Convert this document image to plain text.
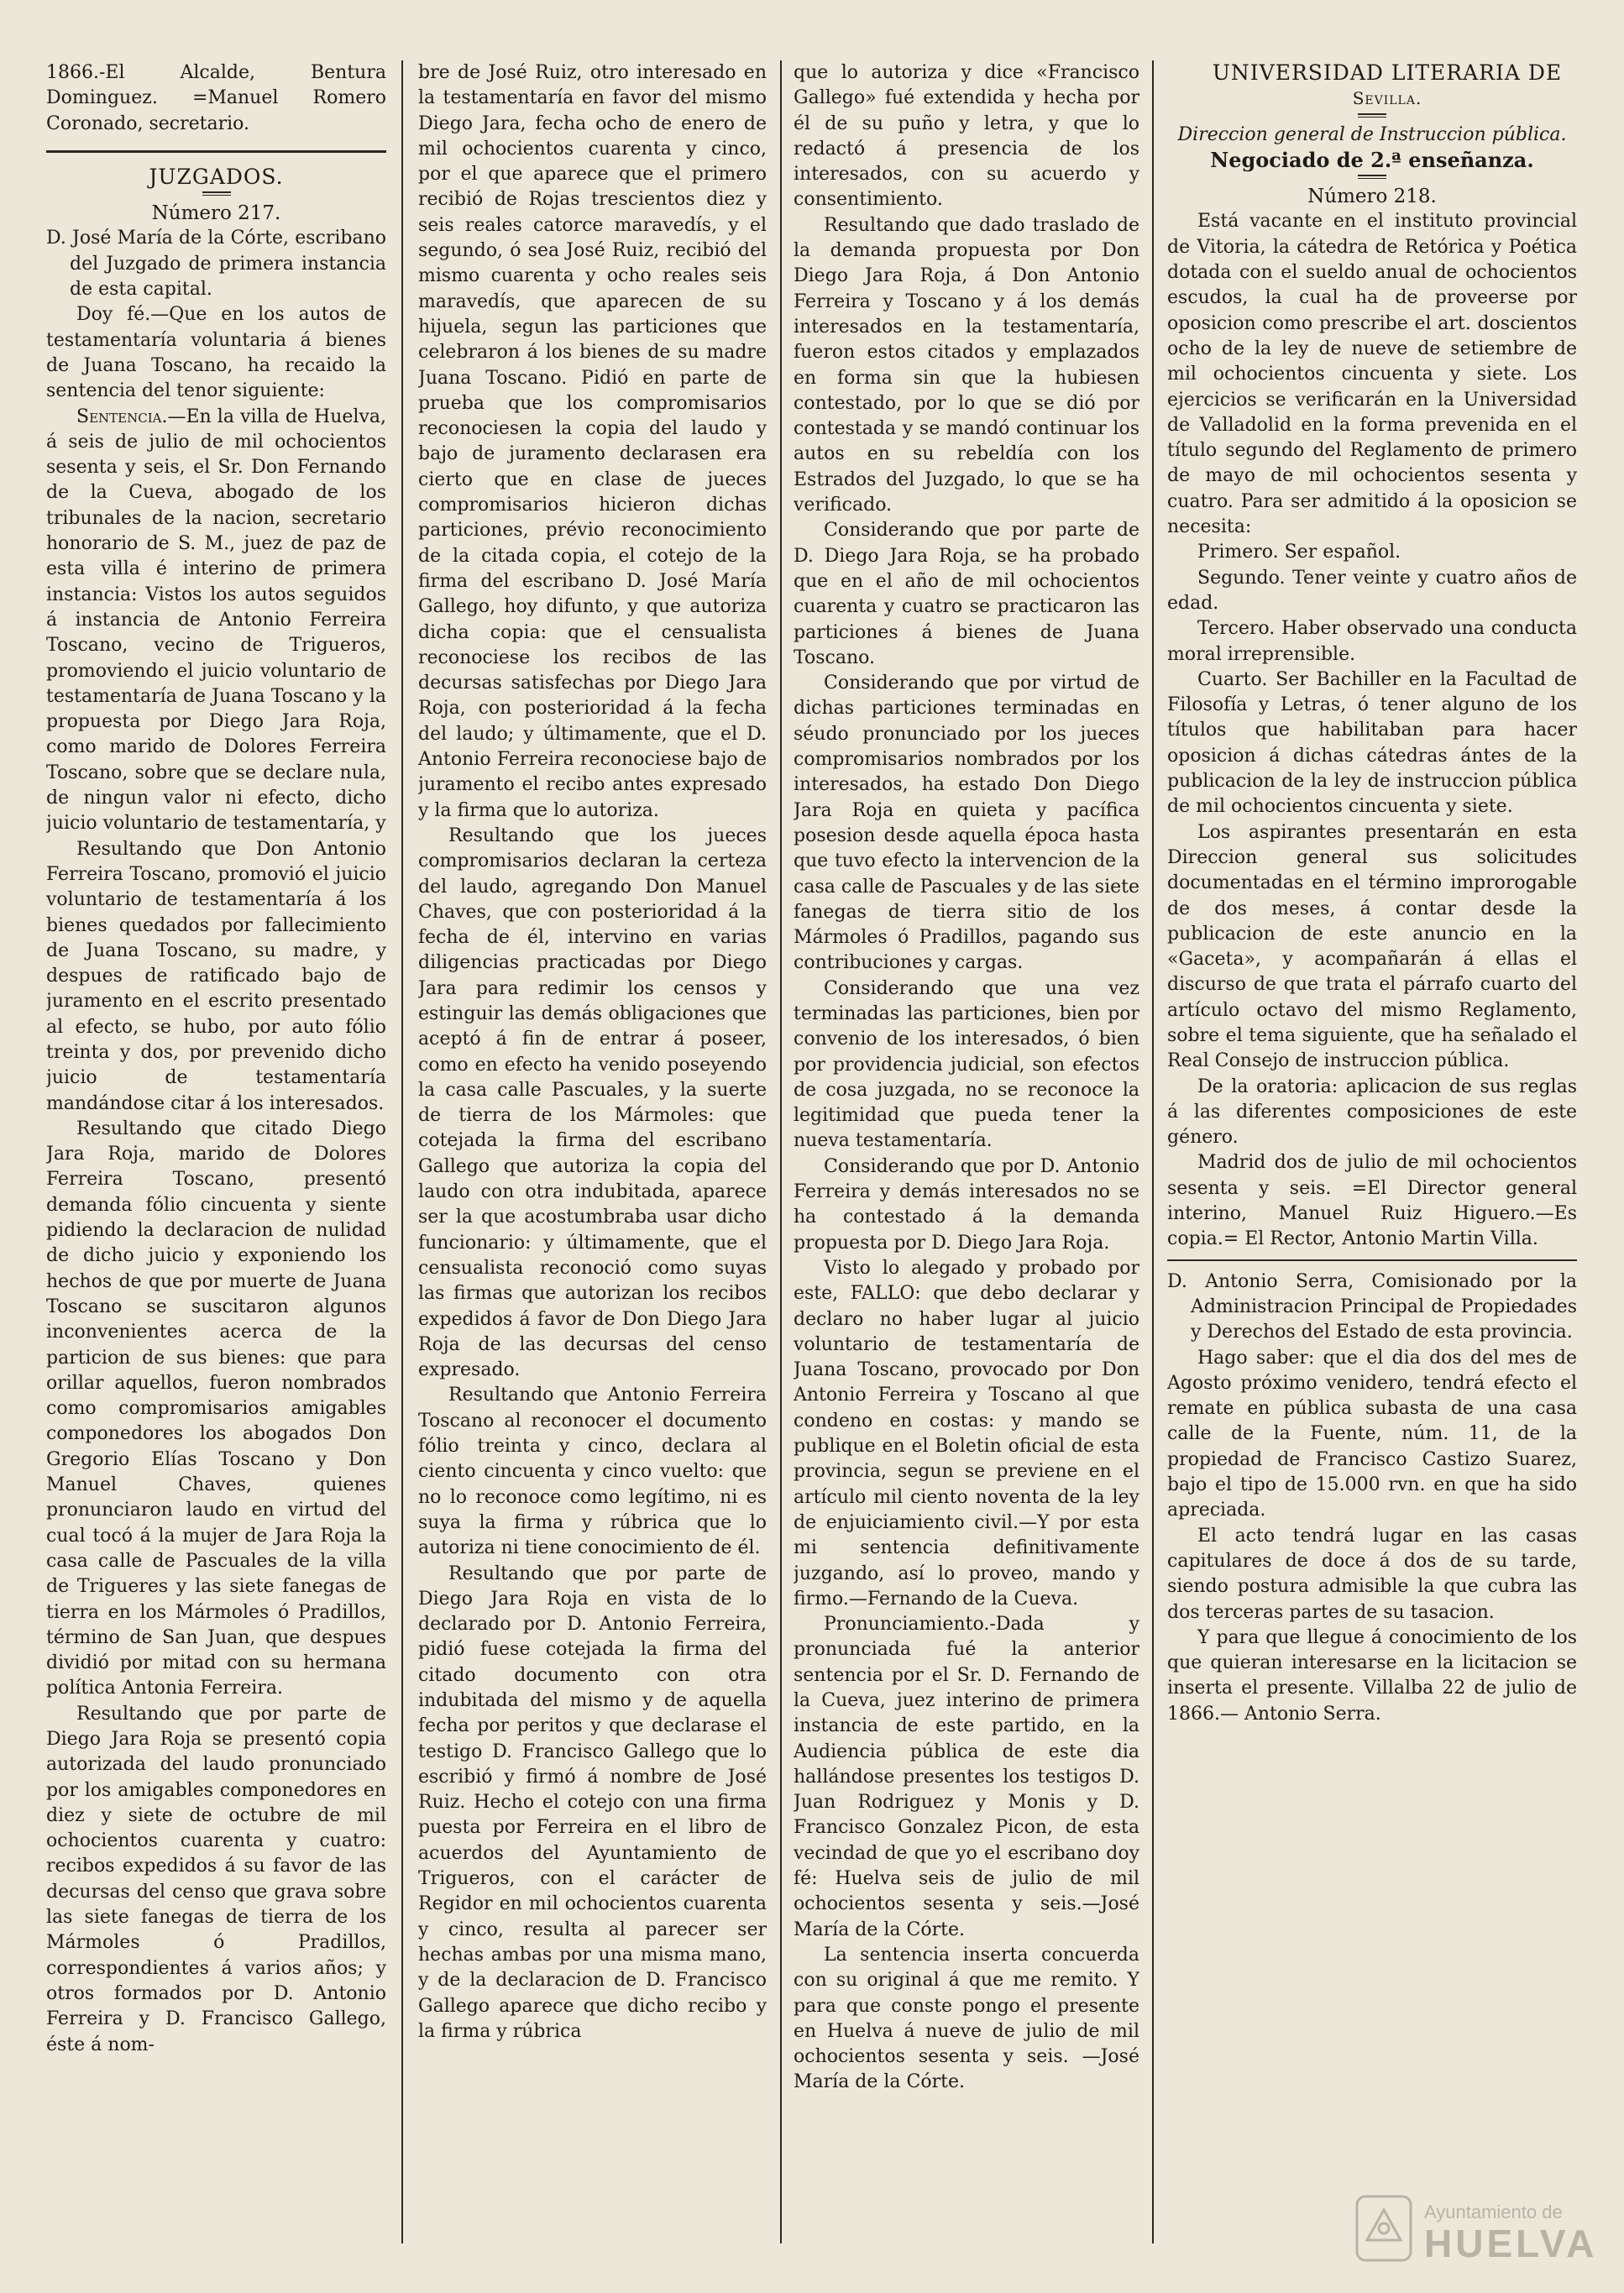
1866.-El Alcalde, Bentura Dominguez. =Manuel Romero Coronado, secretario.

JUZGADOS.

Número 217.

D. José María de la Córte, escribano del Juzgado de primera instancia de esta capital.

Doy fé.—Que en los autos de testamentaría voluntaria á bienes de Juana Toscano, ha recaido la sentencia del tenor siguiente:

Sentencia.—En la villa de Huelva, á seis de julio de mil ochocientos sesenta y seis, el Sr. Don Fernando de la Cueva, abogado de los tribunales de la nacion, secretario honorario de S. M., juez de paz de esta villa é interino de primera instancia: Vistos los autos seguidos á instancia de Antonio Ferreira Toscano, vecino de Trigueros, promoviendo el juicio voluntario de testamentaría de Juana Toscano y la propuesta por Diego Jara Roja, como marido de Dolores Ferreira Toscano, sobre que se declare nula, de ningun valor ni efecto, dicho juicio voluntario de testamentaría, y

Resultando que Don Antonio Ferreira Toscano, promovió el juicio voluntario de testamentaría á los bienes quedados por fallecimiento de Juana Toscano, su madre, y despues de ratificado bajo de juramento en el escrito presentado al efecto, se hubo, por auto fólio treinta y dos, por prevenido dicho juicio de testamentaría mandándose citar á los interesados.

Resultando que citado Diego Jara Roja, marido de Dolores Ferreira Toscano, presentó demanda fólio cincuenta y siente pidiendo la declaracion de nulidad de dicho juicio y exponiendo los hechos de que por muerte de Juana Toscano se suscitaron algunos inconvenientes acerca de la particion de sus bienes: que para orillar aquellos, fueron nombrados como compromisarios amigables componedores los abogados Don Gregorio Elías Toscano y Don Manuel Chaves, quienes pronunciaron laudo en virtud del cual tocó á la mujer de Jara Roja la casa calle de Pascuales de la villa de Trigueres y las siete fanegas de tierra en los Mármoles ó Pradillos, término de San Juan, que despues dividió por mitad con su hermana política Antonia Ferreira.

Resultando que por parte de Diego Jara Roja se presentó copia autorizada del laudo pronunciado por los amigables componedores en diez y siete de octubre de mil ochocientos cuarenta y cuatro: recibos expedidos á su favor de las decursas del censo que grava sobre las siete fanegas de tierra de los Mármoles ó Pradillos, correspondientes á varios años; y otros formados por D. Antonio Ferreira y D. Francisco Gallego, éste á nom-

bre de José Ruiz, otro interesado en la testamentaría en favor del mismo Diego Jara, fecha ocho de enero de mil ochocientos cuarenta y cinco, por el que aparece que el primero recibió de Rojas trescientos diez y seis reales catorce maravedís, y el segundo, ó sea José Ruiz, recibió del mismo cuarenta y ocho reales seis maravedís, que aparecen de su hijuela, segun las particiones que celebraron á los bienes de su madre Juana Toscano. Pidió en parte de prueba que los compromisarios reconociesen la copia del laudo y bajo de juramento declarasen era cierto que en clase de jueces compromisarios hicieron dichas particiones, prévio reconocimiento de la citada copia, el cotejo de la firma del escribano D. José María Gallego, hoy difunto, y que autoriza dicha copia: que el censualista reconociese los recibos de las decursas satisfechas por Diego Jara Roja, con posterioridad á la fecha del laudo; y últimamente, que el D. Antonio Ferreira reconociese bajo de juramento el recibo antes expresado y la firma que lo autoriza.

Resultando que los jueces compromisarios declaran la certeza del laudo, agregando Don Manuel Chaves, que con posterioridad á la fecha de él, intervino en varias diligencias practicadas por Diego Jara para redimir los censos y estinguir las demás obligaciones que aceptó á fin de entrar á poseer, como en efecto ha venido poseyendo la casa calle Pascuales, y la suerte de tierra de los Mármoles: que cotejada la firma del escribano Gallego que autoriza la copia del laudo con otra indubitada, aparece ser la que acostumbraba usar dicho funcionario: y últimamente, que el censualista reconoció como suyas las firmas que autorizan los recibos expedidos á favor de Don Diego Jara Roja de las decursas del censo expresado.

Resultando que Antonio Ferreira Toscano al reconocer el documento fólio treinta y cinco, declara al ciento cincuenta y cinco vuelto: que no lo reconoce como legítimo, ni es suya la firma y rúbrica que lo autoriza ni tiene conocimiento de él.

Resultando que por parte de Diego Jara Roja en vista de lo declarado por D. Antonio Ferreira, pidió fuese cotejada la firma del citado documento con otra indubitada del mismo y de aquella fecha por peritos y que declarase el testigo D. Francisco Gallego que lo escribió y firmó á nombre de José Ruiz. Hecho el cotejo con una firma puesta por Ferreira en el libro de acuerdos del Ayuntamiento de Trigueros, con el carácter de Regidor en mil ochocientos cuarenta y cinco, resulta al parecer ser hechas ambas por una misma mano, y de la declaracion de D. Francisco Gallego aparece que dicho recibo y la firma y rúbrica

que lo autoriza y dice «Francisco Gallego» fué extendida y hecha por él de su puño y letra, y que lo redactó á presencia de los interesados, con su acuerdo y consentimiento.

Resultando que dado traslado de la demanda propuesta por Don Diego Jara Roja, á Don Antonio Ferreira y Toscano y á los demás interesados en la testamentaría, fueron estos citados y emplazados en forma sin que la hubiesen contestado, por lo que se dió por contestada y se mandó continuar los autos en su rebeldía con los Estrados del Juzgado, lo que se ha verificado.

Considerando que por parte de D. Diego Jara Roja, se ha probado que en el año de mil ochocientos cuarenta y cuatro se practicaron las particiones á bienes de Juana Toscano.

Considerando que por virtud de dichas particiones terminadas en séudo pronunciado por los jueces compromisarios nombrados por los interesados, ha estado Don Diego Jara Roja en quieta y pacífica posesion desde aquella época hasta que tuvo efecto la intervencion de la casa calle de Pascuales y de las siete fanegas de tierra sitio de los Mármoles ó Pradillos, pagando sus contribuciones y cargas.

Considerando que una vez terminadas las particiones, bien por convenio de los interesados, ó bien por providencia judicial, son efectos de cosa juzgada, no se reconoce la legitimidad que pueda tener la nueva testamentaría.

Considerando que por D. Antonio Ferreira y demás interesados no se ha contestado á la demanda propuesta por D. Diego Jara Roja.

Visto lo alegado y probado por este, FALLO: que debo declarar y declaro no haber lugar al juicio voluntario de testamentaría de Juana Toscano, provocado por Don Antonio Ferreira y Toscano al que condeno en costas: y mando se publique en el Boletin oficial de esta provincia, segun se previene en el artículo mil ciento noventa de la ley de enjuiciamiento civil.—Y por esta mi sentencia definitivamente juzgando, así lo proveo, mando y firmo.—Fernando de la Cueva.

Pronunciamiento.-Dada y pronunciada fué la anterior sentencia por el Sr. D. Fernando de la Cueva, juez interino de primera instancia de este partido, en la Audiencia pública de este dia hallándose presentes los testigos D. Juan Rodriguez y Monis y D. Francisco Gonzalez Picon, de esta vecindad de que yo el escribano doy fé: Huelva seis de julio de mil ochocientos sesenta y seis.—José María de la Córte.

La sentencia inserta concuerda con su original á que me remito. Y para que conste pongo el presente en Huelva á nueve de julio de mil ochocientos sesenta y seis. —José María de la Córte.

UNIVERSIDAD LITERARIA DE

Sevilla.

Direccion general de Instruccion pública.

Negociado de 2.ª enseñanza.

Número 218.

Está vacante en el instituto provincial de Vitoria, la cátedra de Retórica y Poética dotada con el sueldo anual de ochocientos escudos, la cual ha de proveerse por oposicion como prescribe el art. doscientos ocho de la ley de nueve de setiembre de mil ochocientos cincuenta y siete. Los ejercicios se verificarán en la Universidad de Valladolid en la forma prevenida en el título segundo del Reglamento de primero de mayo de mil ochocientos sesenta y cuatro. Para ser admitido á la oposicion se necesita:

Primero. Ser español.

Segundo. Tener veinte y cuatro años de edad.

Tercero. Haber observado una conducta moral irreprensible.

Cuarto. Ser Bachiller en la Facultad de Filosofía y Letras, ó tener alguno de los títulos que habilitaban para hacer oposicion á dichas cátedras ántes de la publicacion de la ley de instruccion pública de mil ochocientos cincuenta y siete.

Los aspirantes presentarán en esta Direccion general sus solicitudes documentadas en el término improrogable de dos meses, á contar desde la publicacion de este anuncio en la «Gaceta», y acompañarán á ellas el discurso de que trata el párrafo cuarto del artículo octavo del mismo Reglamento, sobre el tema siguiente, que ha señalado el Real Consejo de instruccion pública.

De la oratoria: aplicacion de sus reglas á las diferentes composiciones de este género.

Madrid dos de julio de mil ochocientos sesenta y seis. =El Director general interino, Manuel Ruiz Higuero.—Es copia.= El Rector, Antonio Martin Villa.

D. Antonio Serra, Comisionado por la Administracion Principal de Propiedades y Derechos del Estado de esta provincia.

Hago saber: que el dia dos del mes de Agosto próximo venidero, tendrá efecto el remate en pública subasta de una casa calle de la Fuente, núm. 11, de la propiedad de Francisco Castizo Suarez, bajo el tipo de 15.000 rvn. en que ha sido apreciada.

El acto tendrá lugar en las casas capitulares de doce á dos de su tarde, siendo postura admisible la que cubra las dos terceras partes de su tasacion.

Y para que llegue á conocimiento de los que quieran interesarse en la licitacion se inserta el presente. Villalba 22 de julio de 1866.— Antonio Serra.

Ayuntamiento de
HUELVA
